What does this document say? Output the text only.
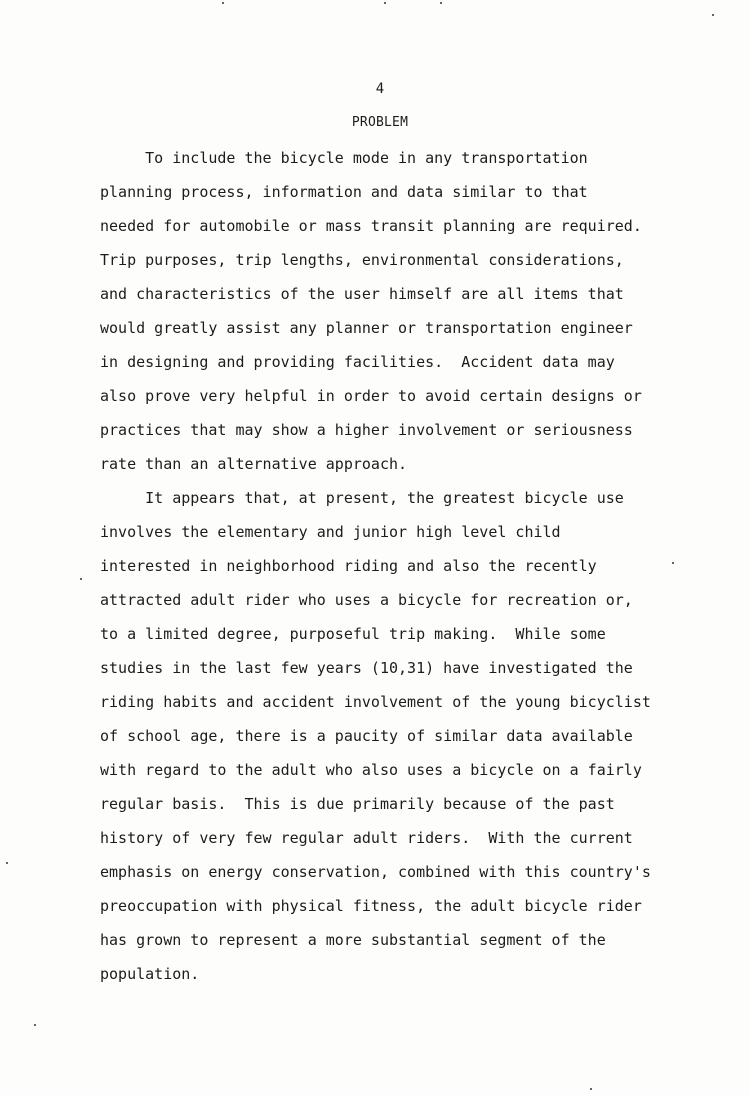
4
PROBLEM
To include the bicycle mode in any transportation
planning process, information and data similar to that
needed for automobile or mass transit planning are required.
Trip purposes, trip lengths, environmental considerations,
and characteristics of the user himself are all items that
would greatly assist any planner or transportation engineer
in designing and providing facilities.  Accident data may
also prove very helpful in order to avoid certain designs or
practices that may show a higher involvement or seriousness
rate than an alternative approach.
It appears that, at present, the greatest bicycle use
involves the elementary and junior high level child
interested in neighborhood riding and also the recently
attracted adult rider who uses a bicycle for recreation or,
to a limited degree, purposeful trip making.  While some
studies in the last few years (10,31) have investigated the
riding habits and accident involvement of the young bicyclist
of school age, there is a paucity of similar data available
with regard to the adult who also uses a bicycle on a fairly
regular basis.  This is due primarily because of the past
history of very few regular adult riders.  With the current
emphasis on energy conservation, combined with this country's
preoccupation with physical fitness, the adult bicycle rider
has grown to represent a more substantial segment of the
population.
